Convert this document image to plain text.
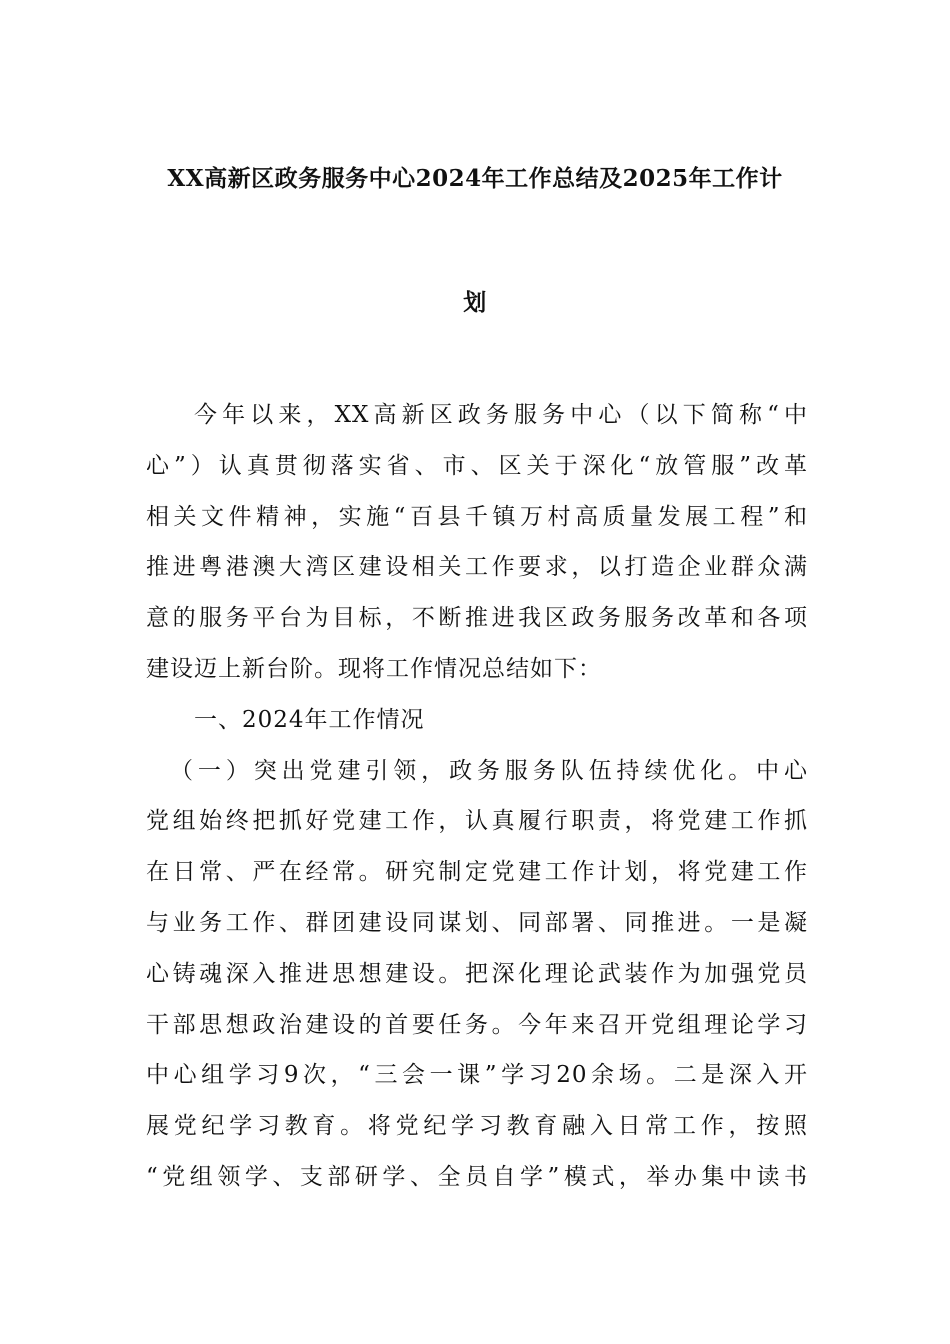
XX高新区政务服务中心2024年工作总结及2025年工作计
划
今年以来，XX高新区政务服务中心（以下简称“中
心”）认真贯彻落实省、市、区关于深化“放管服”改革
相关文件精神，实施“百县千镇万村高质量发展工程”和
推进粤港澳大湾区建设相关工作要求，以打造企业群众满
意的服务平台为目标，不断推进我区政务服务改革和各项
建设迈上新台阶。现将工作情况总结如下：
一、2024年工作情况
（一）突出党建引领，政务服务队伍持续优化。中心
党组始终把抓好党建工作，认真履行职责，将党建工作抓
在日常、严在经常。研究制定党建工作计划，将党建工作
与业务工作、群团建设同谋划、同部署、同推进。一是凝
心铸魂深入推进思想建设。把深化理论武装作为加强党员
干部思想政治建设的首要任务。今年来召开党组理论学习
中心组学习9次，“三会一课”学习20余场。二是深入开
展党纪学习教育。将党纪学习教育融入日常工作，按照
“党组领学、支部研学、全员自学”模式，举办集中读书
